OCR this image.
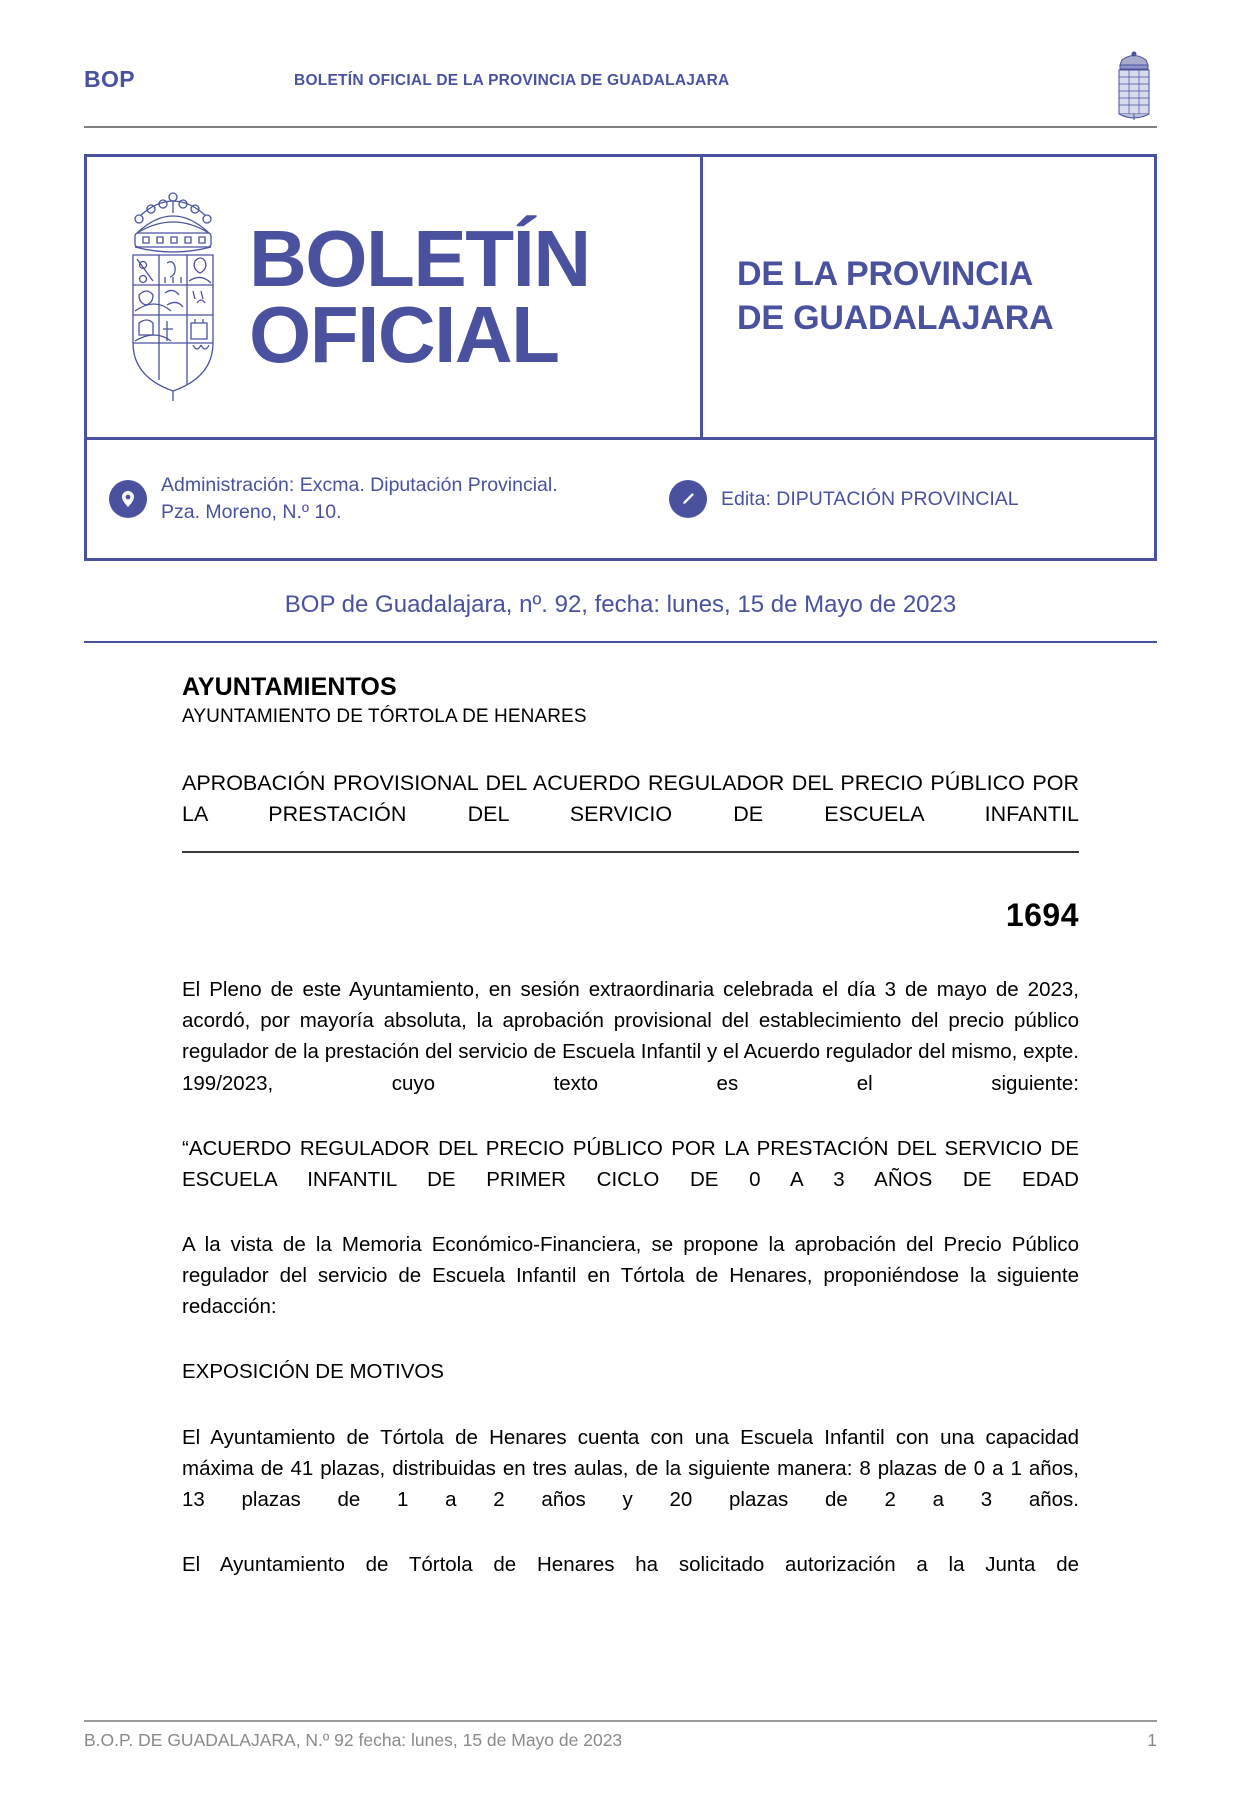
BOP	BOLETÍN OFICIAL DE LA PROVINCIA DE GUADALAJARA
BOLETÍN
OFICIAL
DE LA PROVINCIA
DE GUADALAJARA
Administración: Excma. Diputación Provincial.
Pza. Moreno, N.º 10.
Edita: DIPUTACIÓN PROVINCIAL
BOP de Guadalajara, nº. 92, fecha: lunes, 15 de Mayo de 2023
AYUNTAMIENTOS
AYUNTAMIENTO DE TÓRTOLA DE HENARES
APROBACIÓN PROVISIONAL DEL ACUERDO REGULADOR DEL PRECIO PÚBLICO POR LA PRESTACIÓN DEL SERVICIO DE ESCUELA INFANTIL
1694

El Pleno de este Ayuntamiento, en sesión extraordinaria celebrada el día 3 de mayo de 2023, acordó, por mayoría absoluta, la aprobación provisional del establecimiento del precio público regulador de la prestación del servicio de Escuela Infantil y el Acuerdo regulador del mismo, expte. 199/2023, cuyo texto es el siguiente:

“ACUERDO REGULADOR DEL PRECIO PÚBLICO POR LA PRESTACIÓN DEL SERVICIO DE ESCUELA INFANTIL DE PRIMER CICLO DE 0 A 3 AÑOS DE EDAD

A la vista de la Memoria Económico-Financiera, se propone la aprobación del Precio Público regulador del servicio de Escuela Infantil en Tórtola de Henares, proponiéndose la siguiente redacción:

EXPOSICIÓN DE MOTIVOS

El Ayuntamiento de Tórtola de Henares cuenta con una Escuela Infantil con una capacidad máxima de 41 plazas, distribuidas en tres aulas, de la siguiente manera: 8 plazas de 0 a 1 años, 13 plazas de 1 a 2 años y 20 plazas de 2 a 3 años.

El Ayuntamiento de Tórtola de Henares ha solicitado autorización a la Junta de

B.O.P. DE GUADALAJARA, N.º 92 fecha: lunes, 15 de Mayo de 2023	1
